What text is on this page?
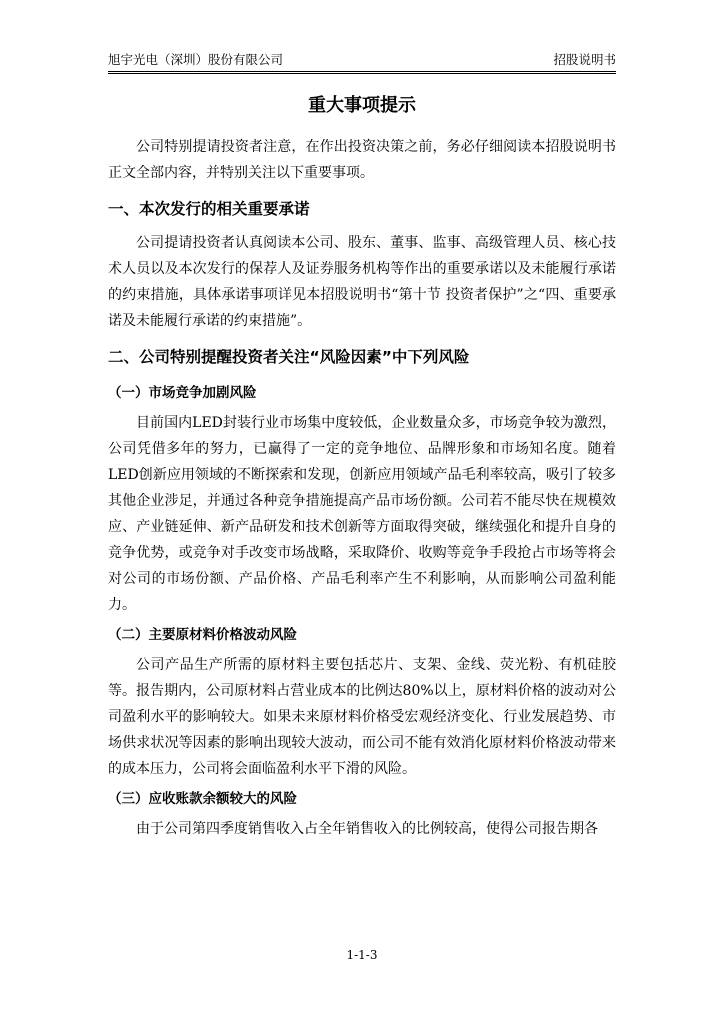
旭宇光电（深圳）股份有限公司	招股说明书
重大事项提示

公司特别提请投资者注意，在作出投资决策之前，务必仔细阅读本招股说明书正文全部内容，并特别关注以下重要事项。

一、本次发行的相关重要承诺

公司提请投资者认真阅读本公司、股东、董事、监事、高级管理人员、核心技术人员以及本次发行的保荐人及证券服务机构等作出的重要承诺以及未能履行承诺的约束措施，具体承诺事项详见本招股说明书“第十节 投资者保护”之“四、重要承诺及未能履行承诺的约束措施”。

二、公司特别提醒投资者关注“风险因素”中下列风险
（一）市场竞争加剧风险

目前国内LED封装行业市场集中度较低，企业数量众多，市场竞争较为激烈，公司凭借多年的努力，已赢得了一定的竞争地位、品牌形象和市场知名度。随着LED创新应用领域的不断探索和发现，创新应用领域产品毛利率较高，吸引了较多其他企业涉足，并通过各种竞争措施提高产品市场份额。公司若不能尽快在规模效应、产业链延伸、新产品研发和技术创新等方面取得突破，继续强化和提升自身的竞争优势，或竞争对手改变市场战略，采取降价、收购等竞争手段抢占市场等将会对公司的市场份额、产品价格、产品毛利率产生不利影响，从而影响公司盈利能力。

（二）主要原材料价格波动风险

公司产品生产所需的原材料主要包括芯片、支架、金线、荧光粉、有机硅胶等。报告期内，公司原材料占营业成本的比例达80%以上，原材料价格的波动对公司盈利水平的影响较大。如果未来原材料价格受宏观经济变化、行业发展趋势、市场供求状况等因素的影响出现较大波动，而公司不能有效消化原材料价格波动带来的成本压力，公司将会面临盈利水平下滑的风险。

（三）应收账款余额较大的风险

由于公司第四季度销售收入占全年销售收入的比例较高，使得公司报告期各

1-1-3
